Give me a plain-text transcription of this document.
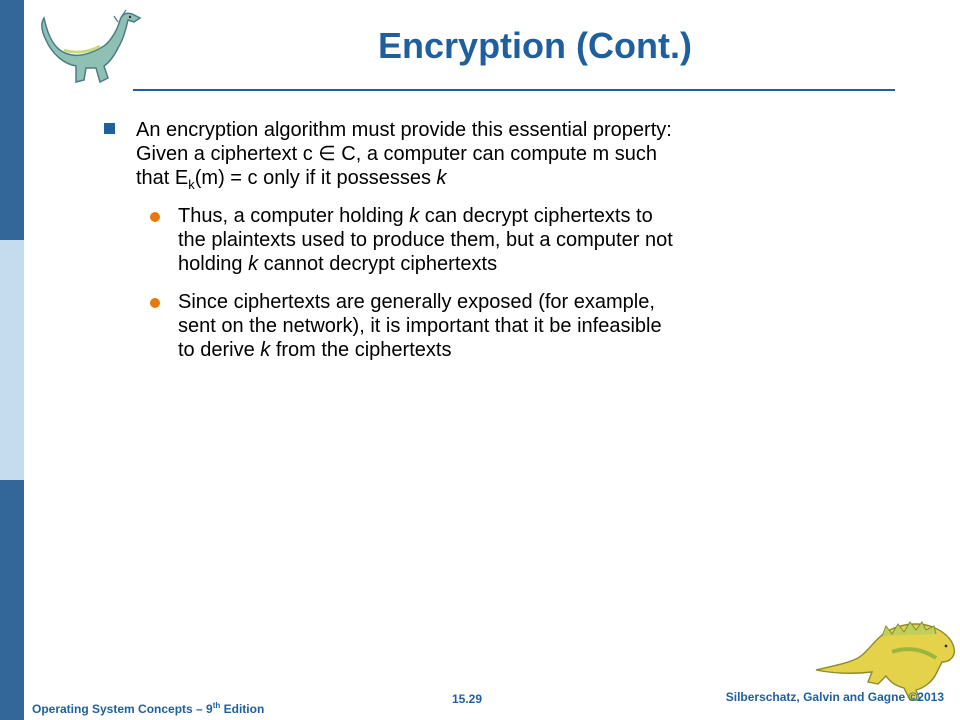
Encryption (Cont.)
An encryption algorithm must provide this essential property:
Given a ciphertext c ∈ C, a computer can compute m such
that $E_k(m) = c$ only if it possesses k
Thus, a computer holding k can decrypt ciphertexts to
the plaintexts used to produce them, but a computer not
holding k cannot decrypt ciphertexts
Since ciphertexts are generally exposed (for example,
sent on the network), it is important that it be infeasible
to derive k from the ciphertexts
Operating System Concepts – 9th Edition
15.29	Silberschatz, Galvin and Gagne ©2013
